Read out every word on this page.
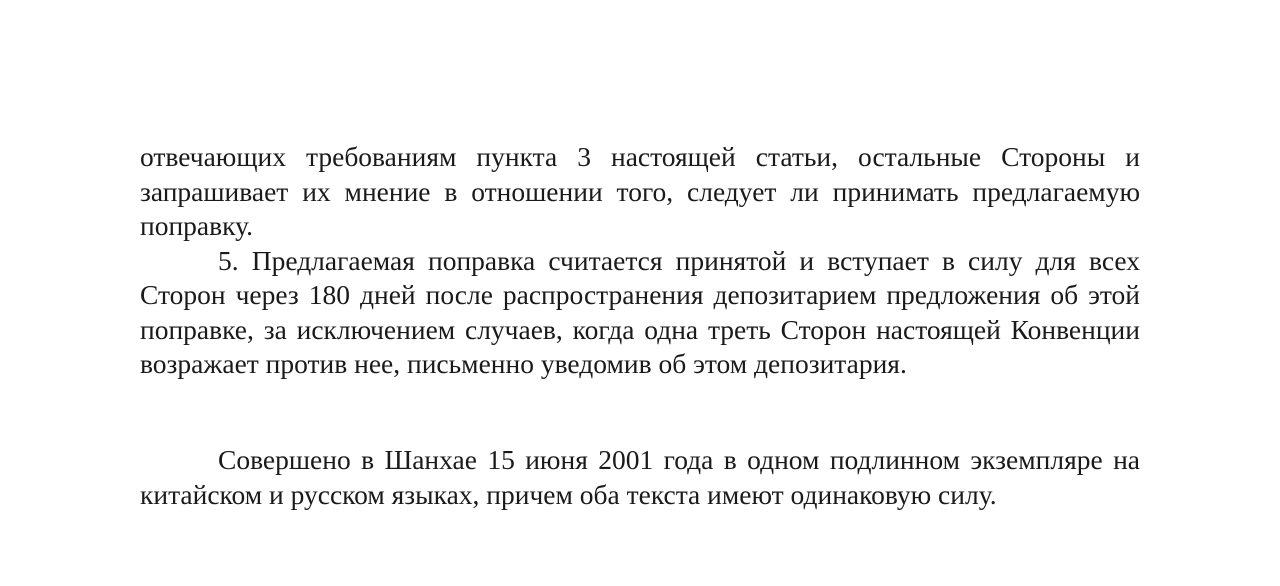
отвечающих требованиям пункта 3 настоящей статьи, остальные Стороны и запрашивает их мнение в отношении того, следует ли принимать предлагаемую поправку.

5. Предлагаемая поправка считается принятой и вступает в силу для всех Сторон через 180 дней после распространения депозитарием предложения об этой поправке, за исключением случаев, когда одна треть Сторон настоящей Конвенции возражает против нее, письменно уведомив об этом депозитария.

Совершено в Шанхае 15 июня 2001 года в одном подлинном экземпляре на китайском и русском языках, причем оба текста имеют одинаковую силу.
